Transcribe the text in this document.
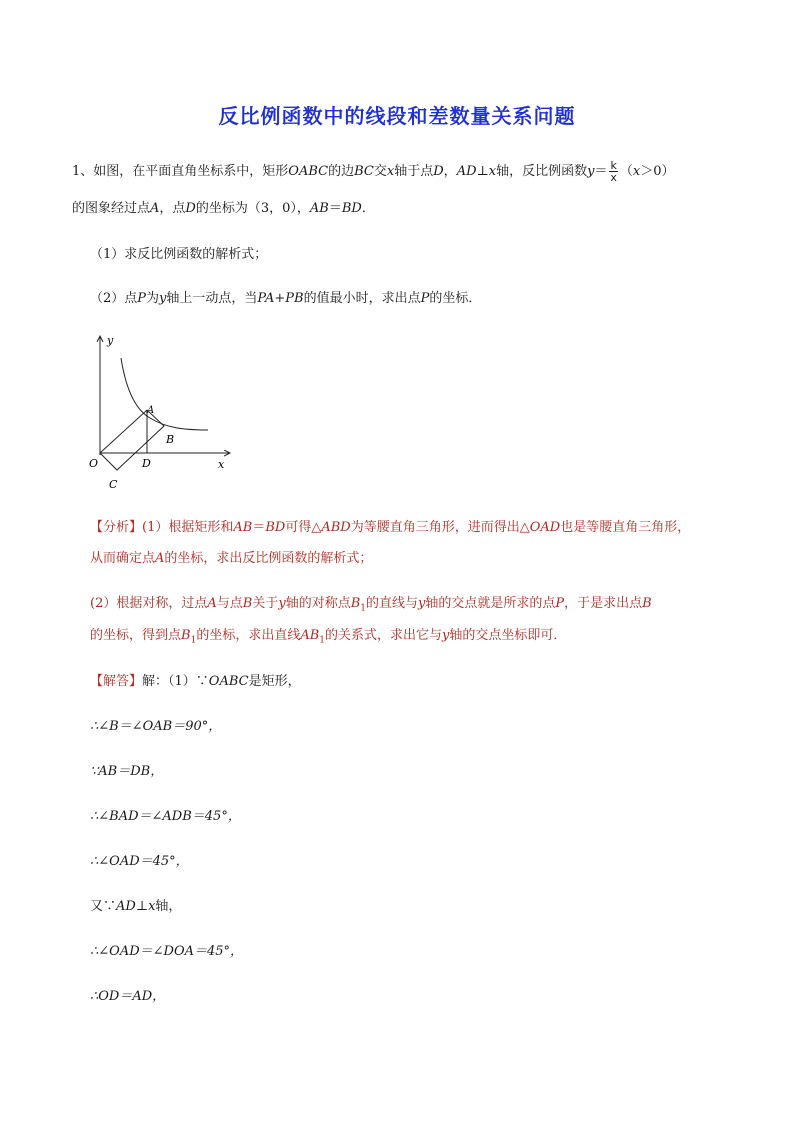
反比例函数中的线段和差数量关系问题
1、如图，在平面直角坐标系中，矩形OABC的边BC交x轴于点D，AD⊥x轴，反比例函数$y= \frac{k}{x} (x>0)$
的图象经过点A，点D的坐标为（3，0），AB＝BD．
（1）求反比例函数的解析式；
（2）点P为y轴上一动点，当PA+PB的值最小时，求出点P的坐标．
y
x
O
A
B
C
D
【分析】(1）根据矩形和AB＝BD可得△ABD为等腰直角三角形，进而得出△OAD也是等腰直角三角形，
从而确定点A的坐标，求出反比例函数的解析式；
(2）根据对称，过点A与点B关于y轴的对称点$B_1$的直线与y轴的交点就是所求的点P，于是求出点B
的坐标，得到点$B_1$的坐标，求出直线$AB_1$的关系式，求出它与y轴的交点坐标即可．
【解答】解：（1）∵OABC是矩形，
∴∠B＝∠OAB＝90°，
∵AB＝DB，
∴∠BAD＝∠ADB＝45°，
∴∠OAD＝45°，
又∵AD⊥x轴，
∴∠OAD＝∠DOA＝45°，
∴OD＝AD，
